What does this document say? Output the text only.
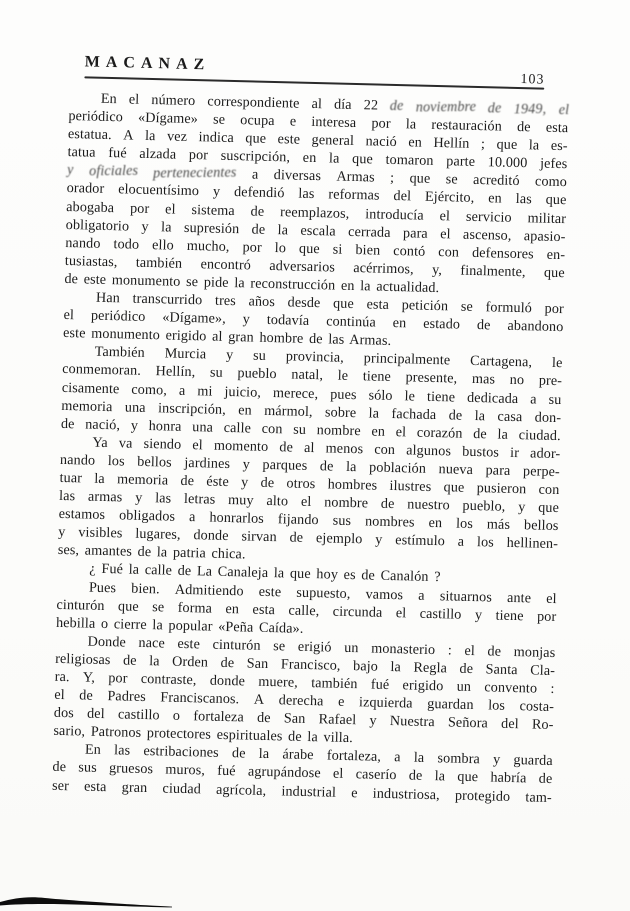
MACANAZ
103
En el número correspondiente al día 22 de noviembre de 1949, el
periódico «Dígame» se ocupa e interesa por la restauración de esta
estatua. A la vez indica que este general nació en Hellín ; que la es-
tatua fué alzada por suscripción, en la que tomaron parte 10.000 jefes
y oficiales pertenecientes a diversas Armas ; que se acreditó como
orador elocuentísimo y defendió las reformas del Ejército, en las que
abogaba por el sistema de reemplazos, introducía el servicio militar
obligatorio y la supresión de la escala cerrada para el ascenso, apasio-
nando todo ello mucho, por lo que si bien contó con defensores en-
tusiastas, también encontró adversarios acérrimos, y, finalmente, que
de este monumento se pide la reconstrucción en la actualidad.
Han transcurrido tres años desde que esta petición se formuló por
el periódico «Dígame», y todavía continúa en estado de abandono
este monumento erigido al gran hombre de las Armas.
También Murcia y su provincia, principalmente Cartagena, le
conmemoran. Hellín, su pueblo natal, le tiene presente, mas no pre-
cisamente como, a mi juicio, merece, pues sólo le tiene dedicada a su
memoria una inscripción, en mármol, sobre la fachada de la casa don-
de nació, y honra una calle con su nombre en el corazón de la ciudad.
Ya va siendo el momento de al menos con algunos bustos ir ador-
nando los bellos jardines y parques de la población nueva para perpe-
tuar la memoria de éste y de otros hombres ilustres que pusieron con
las armas y las letras muy alto el nombre de nuestro pueblo, y que
estamos obligados a honrarlos fijando sus nombres en los más bellos
y visibles lugares, donde sirvan de ejemplo y estímulo a los hellinen-
ses, amantes de la patria chica.
¿ Fué la calle de La Canaleja la que hoy es de Canalón ?
Pues bien. Admitiendo este supuesto, vamos a situarnos ante el
cinturón que se forma en esta calle, circunda el castillo y tiene por
hebilla o cierre la popular «Peña Caída».
Donde nace este cinturón se erigió un monasterio : el de monjas
religiosas de la Orden de San Francisco, bajo la Regla de Santa Cla-
ra. Y, por contraste, donde muere, también fué erigido un convento :
el de Padres Franciscanos. A derecha e izquierda guardan los costa-
dos del castillo o fortaleza de San Rafael y Nuestra Señora del Ro-
sario, Patronos protectores espirituales de la villa.
En las estribaciones de la árabe fortaleza, a la sombra y guarda
de sus gruesos muros, fué agrupándose el caserío de la que habría de
ser esta gran ciudad agrícola, industrial e industriosa, protegido tam-
